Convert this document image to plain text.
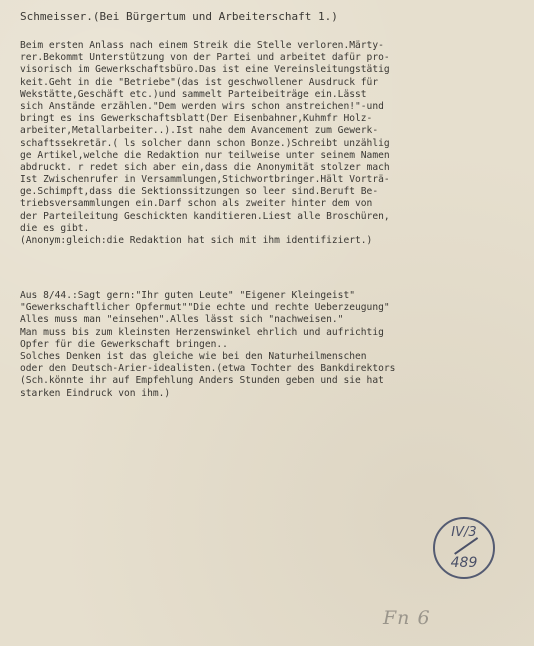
Schmeisser.(Bei Bürgertum und Arbeiterschaft 1.)
Beim ersten Anlass nach einem Streik die Stelle verloren.Märty-
rer.Bekommt Unterstützung von der Partei und arbeitet dafür pro-
visorisch im Gewerkschaftsbüro.Das ist eine Vereinsleitungstätig
keit.Geht in die "Betriebe"(das ist geschwollener Ausdruck für
Wekstätte,Geschäft etc.)und sammelt Parteibeiträge ein.Lässt
sich Anstände erzählen."Dem werden wirs schon anstreichen!"-und
bringt es ins Gewerkschaftsblatt(Der Eisenbahner,Kuhmfr Holz-
arbeiter,Metallarbeiter..).Ist nahe dem Avancement zum Gewerk-
schaftssekretär.( ls solcher dann schon Bonze.)Schreibt unzählig
ge Artikel,welche die Redaktion nur teilweise unter seinem Namen
abdruckt. r redet sich aber ein,dass die Anonymität stolzer mach
Ist Zwischenrufer in Versammlungen,Stichwortbringer.Hält Vorträ-
ge.Schimpft,dass die Sektionssitzungen so leer sind.Beruft Be-
triebsversammlungen ein.Darf schon als zweiter hinter dem von
der Parteileitung Geschickten kanditieren.Liest alle Broschüren,
die es gibt.
(Anonym:gleich:die Redaktion hat sich mit ihm identifiziert.)
Aus 8/44.:Sagt gern:"Ihr guten Leute" "Eigener Kleingeist"
"Gewerkschaftlicher Opfermut""Die echte und rechte Ueberzeugung"
Alles muss man "einsehen".Alles lässt sich "nachweisen."
Man muss bis zum kleinsten Herzenswinkel ehrlich und aufrichtig
Opfer für die Gewerkschaft bringen..
Solches Denken ist das gleiche wie bei den Naturheilmenschen
oder den Deutsch-Arier-idealisten.(etwa Tochter des Bankdirektors
(Sch.könnte ihr auf Empfehlung Anders Stunden geben und sie hat
starken Eindruck von ihm.)
IV/3
489
Fn 6
